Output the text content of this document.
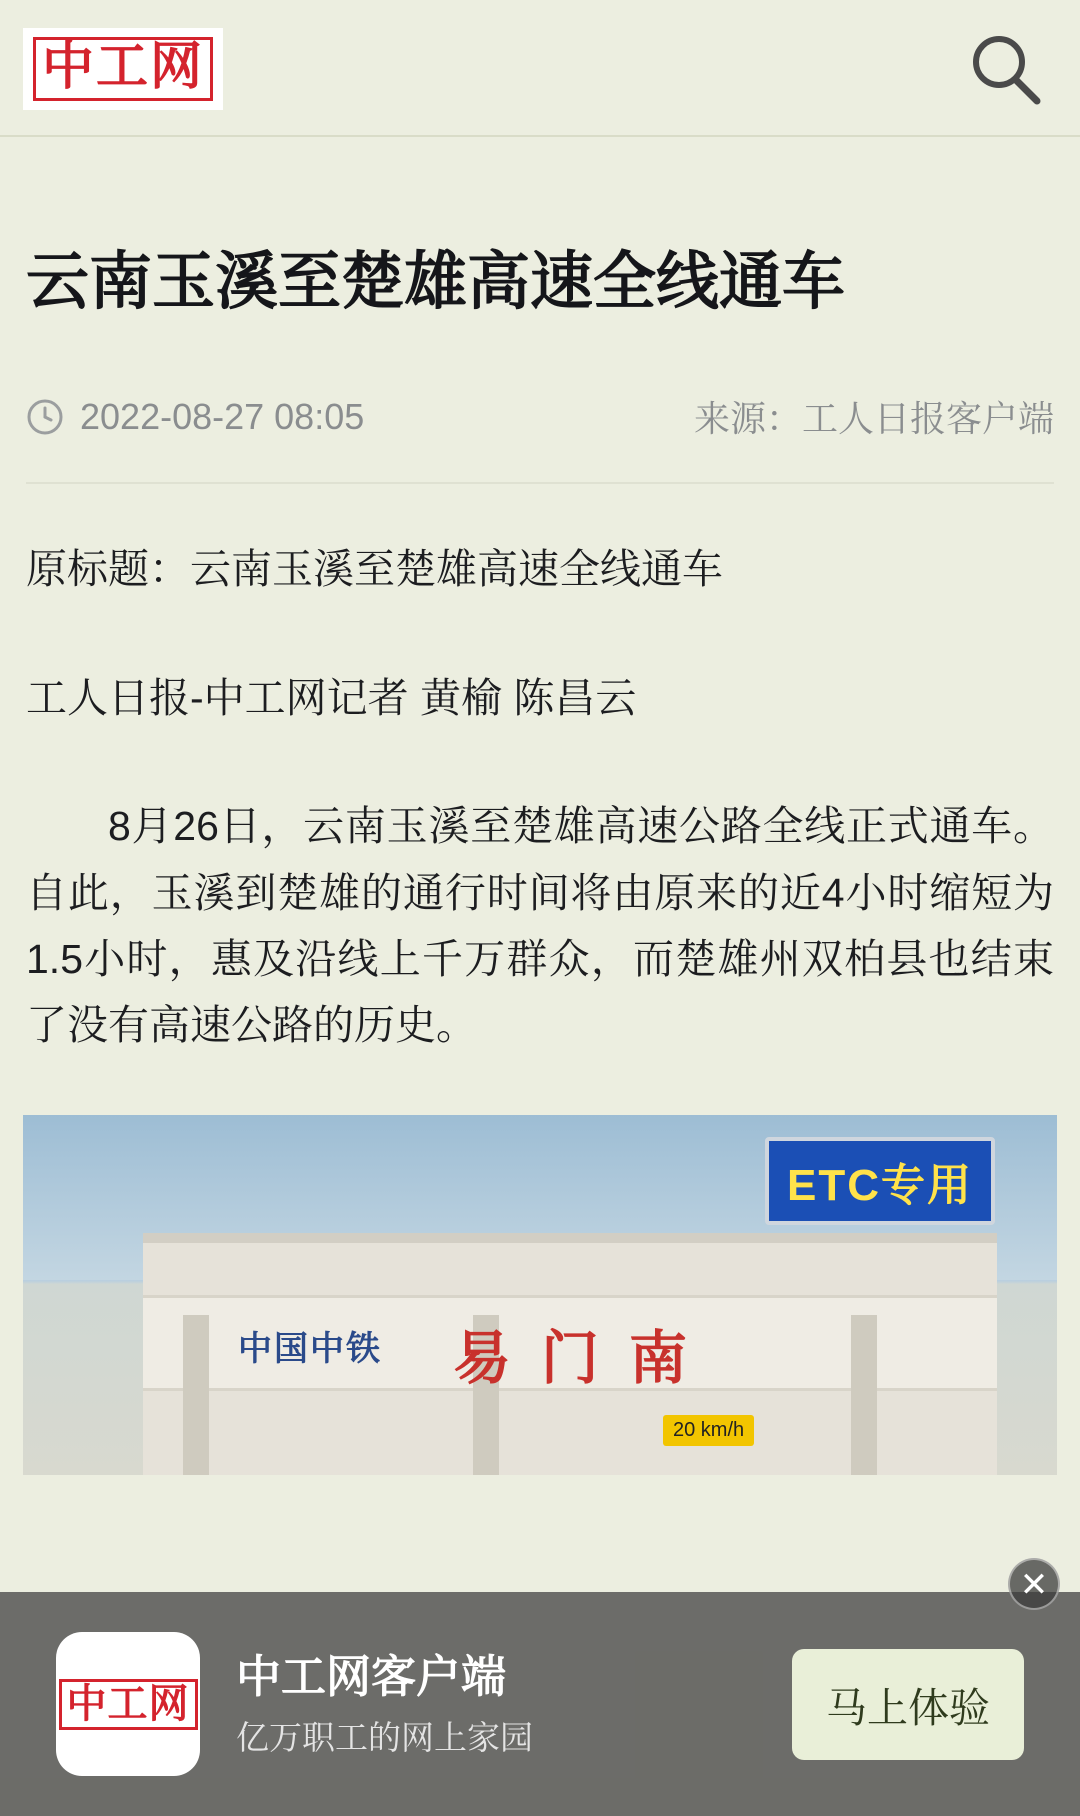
中工网
云南玉溪至楚雄高速全线通车
2022-08-27 08:05	来源：工人日报客户端

原标题：云南玉溪至楚雄高速全线通车

工人日报-中工网记者 黄榆 陈昌云

8月26日，云南玉溪至楚雄高速公路全线正式通车。自此，玉溪到楚雄的通行时间将由原来的近4小时缩短为1.5小时，惠及沿线上千万群众，而楚雄州双柏县也结束了没有高速公路的历史。

ETC专用
中国中铁 易门南
20 km/h
✕
中工网
中工网客户端
亿万职工的网上家园
马上体验
